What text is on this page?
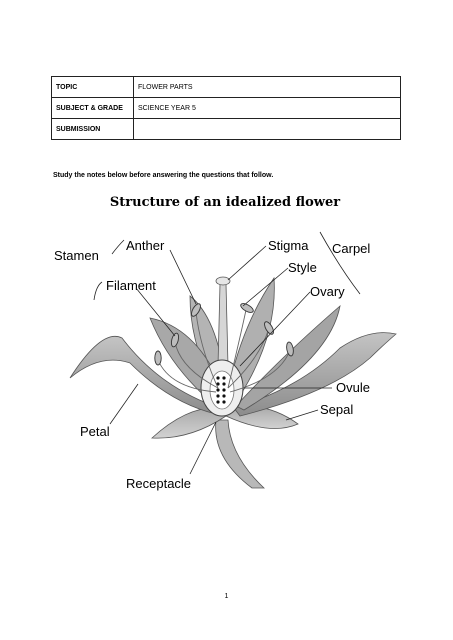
TOPIC	FLOWER PARTS
SUBJECT & GRADE	SCIENCE YEAR 5
SUBMISSION	
Study the notes below before answering the questions that follow.
Structure of an idealized flower
Stamen
Anther
Filament
Stigma Carpel
Style
Ovary
Ovule
Sepal
Petal
Receptacle
1
1
